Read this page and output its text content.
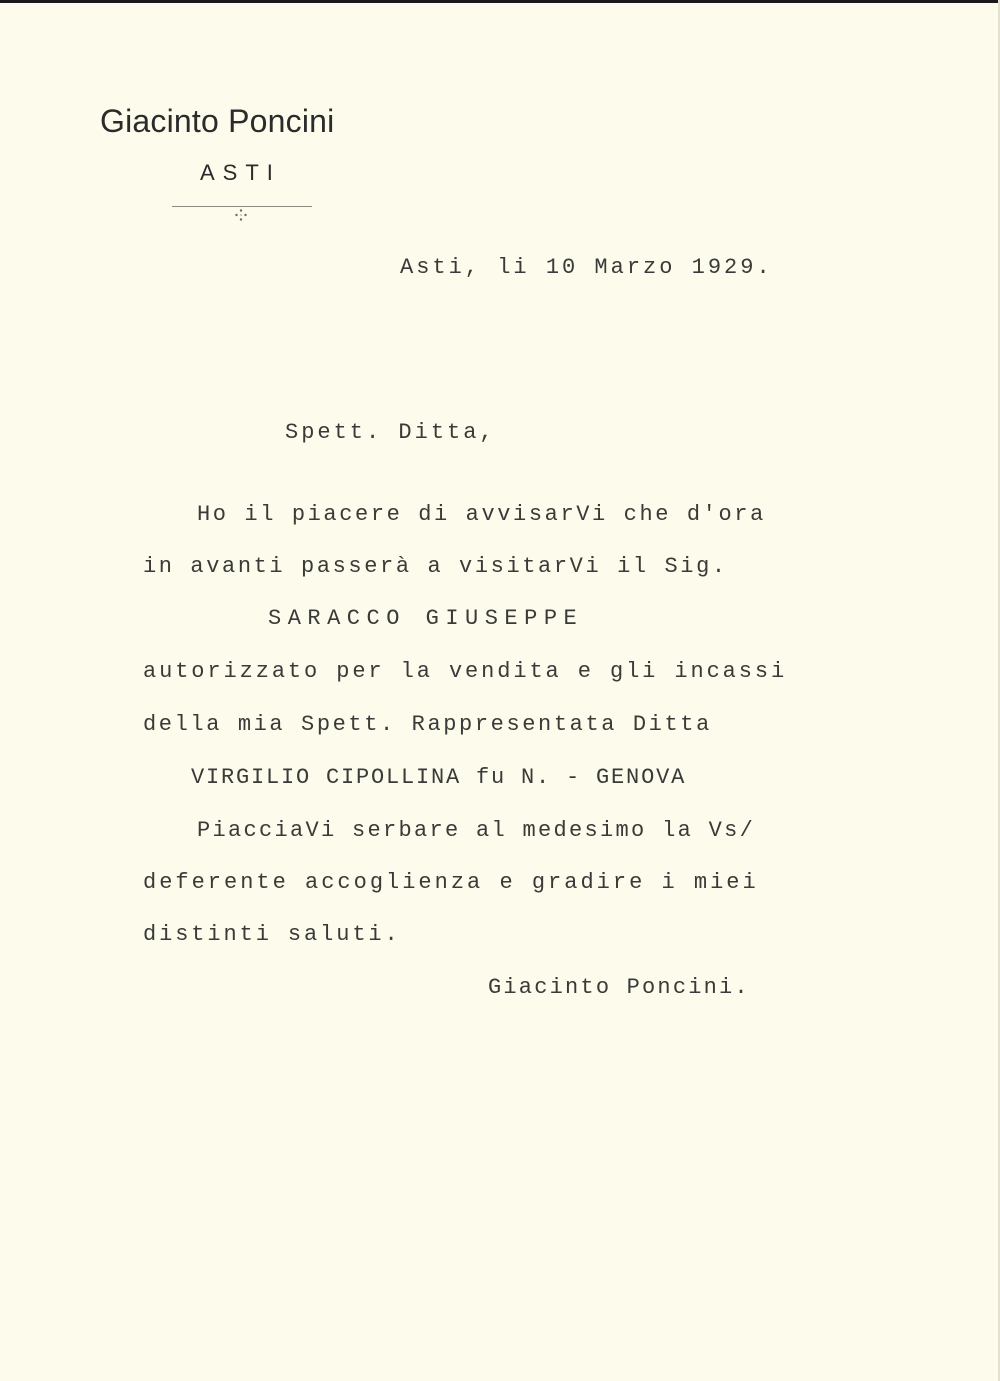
Giacinto Poncini
ASTI
Asti, li 10 Marzo 1929.
Spett. Ditta,
Ho il piacere di avvisarVi che d'ora
in avanti passerà a visitarVi il Sig.
SARACCO GIUSEPPE
autorizzato per la vendita e gli incassi
della mia Spett. Rappresentata Ditta
VIRGILIO CIPOLLINA fu N. - GENOVA
PiacciaVi serbare al medesimo la Vs/
deferente accoglienza e gradire i miei
distinti saluti.
Giacinto Poncini.
